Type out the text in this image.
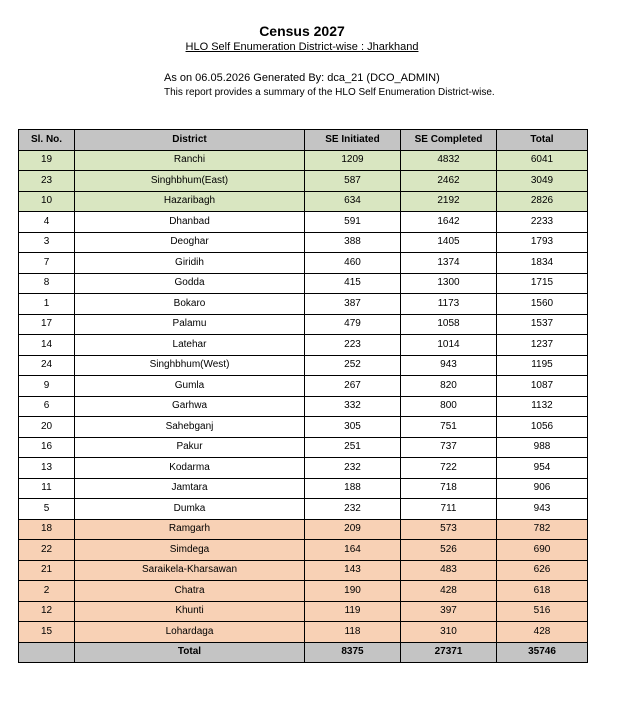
Census 2027
HLO Self Enumeration District-wise : Jharkhand
As on 06.05.2026 Generated By: dca_21 (DCO_ADMIN)
This report provides a summary of the HLO Self Enumeration District-wise.
Sl. No.	District	SE Initiated	SE Completed	Total
19	Ranchi	1209	4832	6041
23	Singhbhum(East)	587	2462	3049
10	Hazaribagh	634	2192	2826
4	Dhanbad	591	1642	2233
3	Deoghar	388	1405	1793
7	Giridih	460	1374	1834
8	Godda	415	1300	1715
1	Bokaro	387	1173	1560
17	Palamu	479	1058	1537
14	Latehar	223	1014	1237
24	Singhbhum(West)	252	943	1195
9	Gumla	267	820	1087
6	Garhwa	332	800	1132
20	Sahebganj	305	751	1056
16	Pakur	251	737	988
13	Kodarma	232	722	954
11	Jamtara	188	718	906
5	Dumka	232	711	943
18	Ramgarh	209	573	782
22	Simdega	164	526	690
21	Saraikela-Kharsawan	143	483	626
2	Chatra	190	428	618
12	Khunti	119	397	516
15	Lohardaga	118	310	428
	Total	8375	27371	35746
